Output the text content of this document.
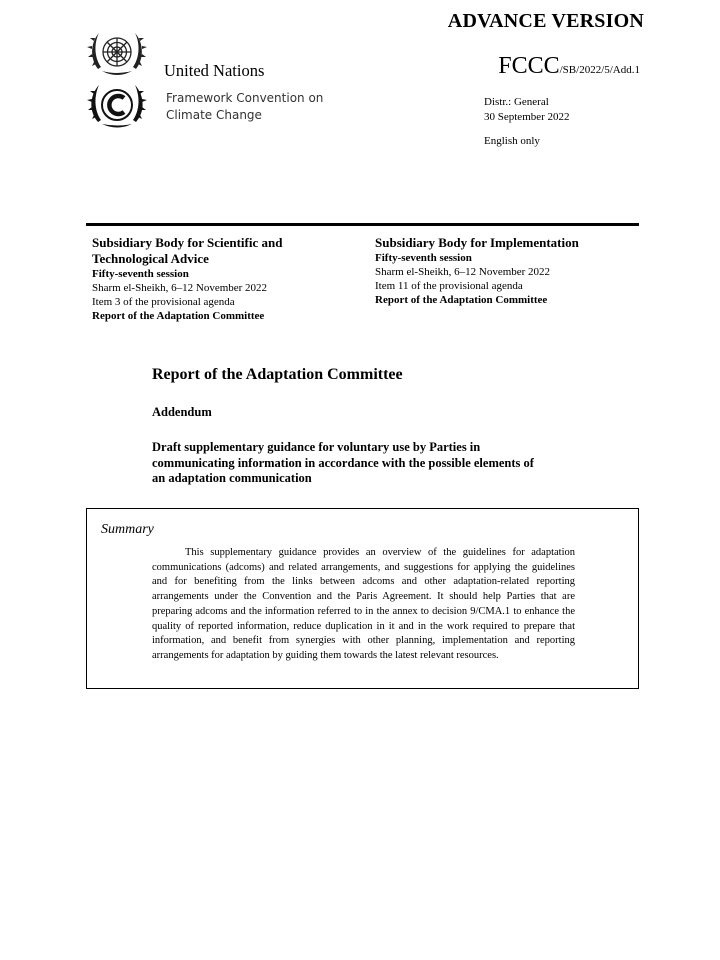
ADVANCE VERSION
United Nations
Framework Convention on
Climate Change
FCCC/SB/2022/5/Add.1
Distr.: General
30 September 2022
English only
Subsidiary Body for Scientific and
Technological Advice
Fifty-seventh session
Sharm el-Sheikh, 6–12 November 2022
Item 3 of the provisional agenda
Report of the Adaptation Committee
Subsidiary Body for Implementation
Fifty-seventh session
Sharm el-Sheikh, 6–12 November 2022
Item 11 of the provisional agenda
Report of the Adaptation Committee
Report of the Adaptation Committee
Addendum
Draft supplementary guidance for voluntary use by Parties in
communicating information in accordance with the possible elements of
an adaptation communication
Summary
This supplementary guidance provides an overview of the guidelines for adaptation communications (adcoms) and related arrangements, and suggestions for applying the guidelines and for benefiting from the links between adcoms and other adaptation-related reporting arrangements under the Convention and the Paris Agreement. It should help Parties that are preparing adcoms and the information referred to in the annex to decision 9/CMA.1 to enhance the quality of reported information, reduce duplication in it and in the work required to prepare that information, and benefit from synergies with other planning, implementation and reporting arrangements for adaptation by guiding them towards the latest relevant resources.
